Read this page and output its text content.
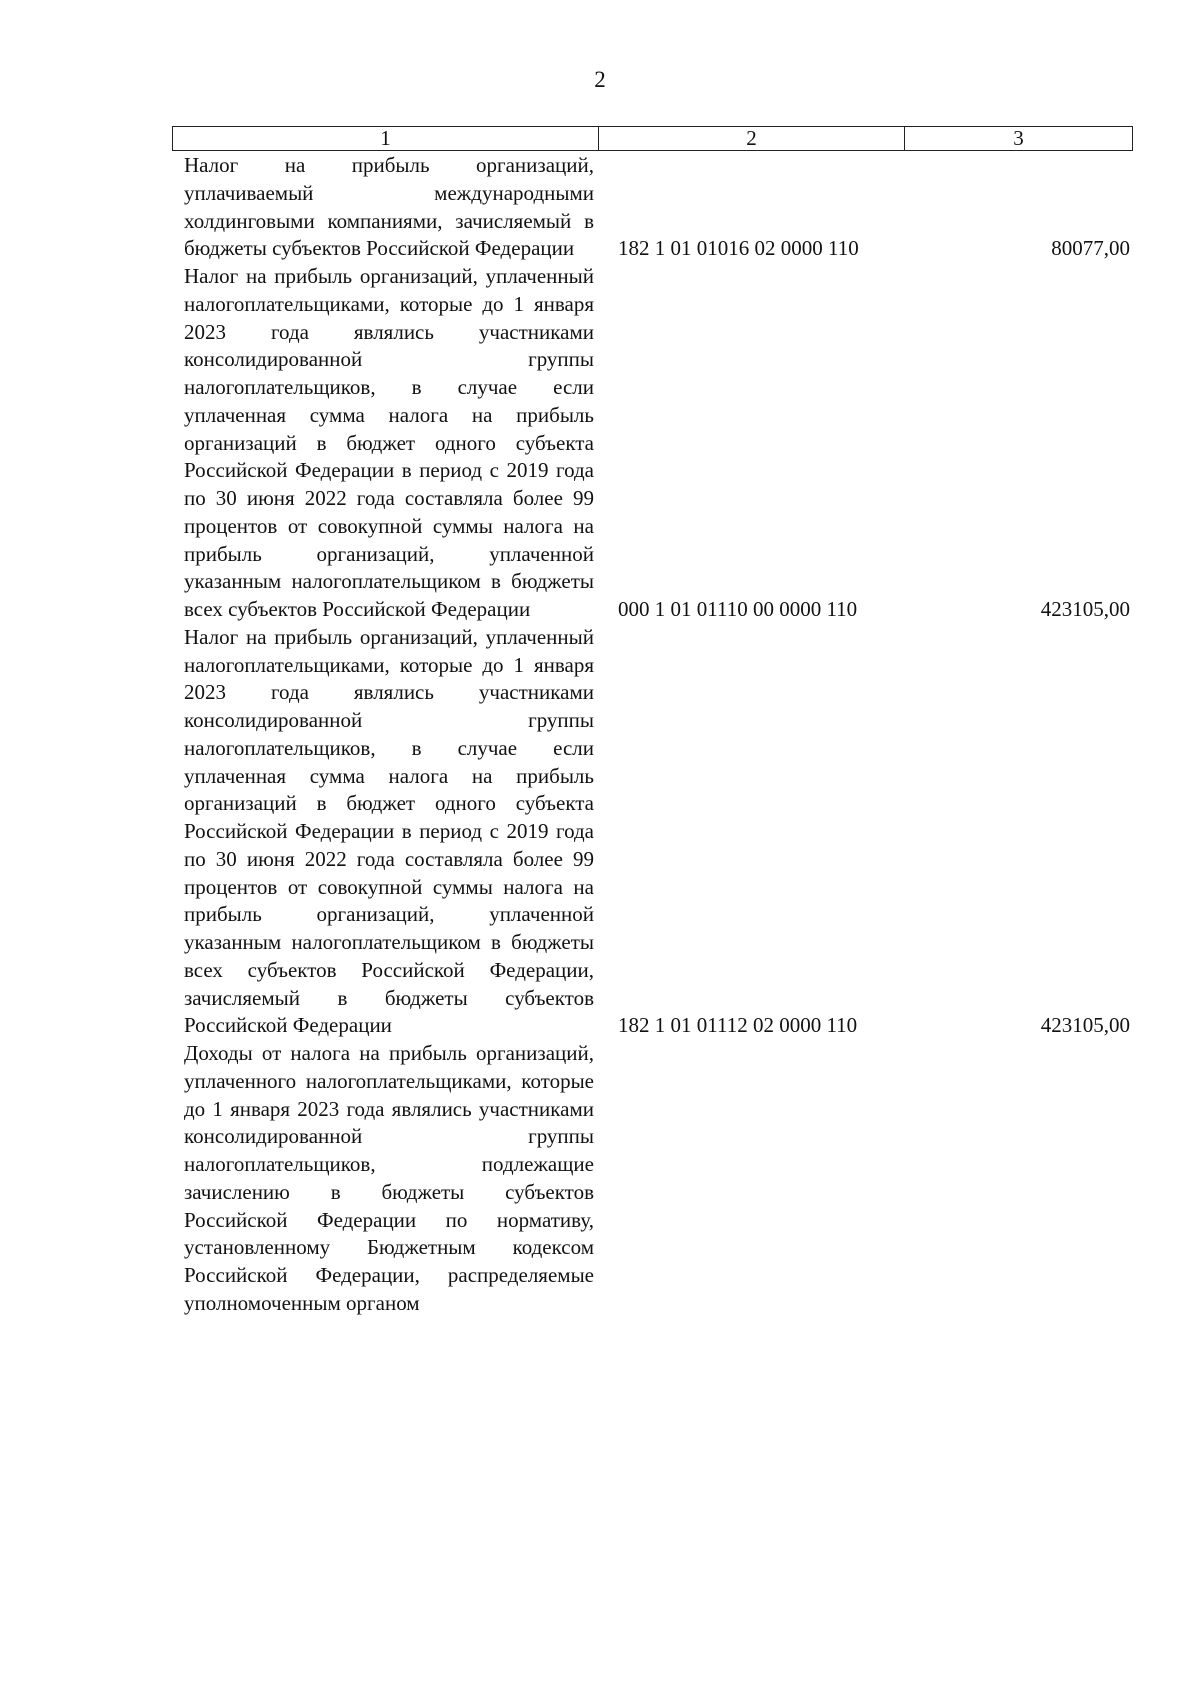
2
1	2	3
Налог на прибыль организаций, уплачиваемый международными холдинговыми компаниями, зачисляемый в бюджеты субъектов Российской Федерации	182 1 01 01016 02 0000 110	80077,00
Налог на прибыль организаций, уплаченный налогоплательщиками, которые до 1 января 2023 года являлись участниками консолидированной группы налогоплательщиков, в случае если уплаченная сумма налога на прибыль организаций в бюджет одного субъекта Российской Федерации в период с 2019 года по 30 июня 2022 года составляла более 99 процентов от совокупной суммы налога на прибыль организаций, уплаченной указанным налогоплательщиком в бюджеты всех субъектов Российской Федерации	000 1 01 01110 00 0000 110	423105,00
Налог на прибыль организаций, уплаченный налогоплательщиками, которые до 1 января 2023 года являлись участниками консолидированной группы налогоплательщиков, в случае если уплаченная сумма налога на прибыль организаций в бюджет одного субъекта Российской Федерации в период с 2019 года по 30 июня 2022 года составляла более 99 процентов от совокупной суммы налога на прибыль организаций, уплаченной указанным налогоплательщиком в бюджеты всех субъектов Российской Федерации, зачисляемый в бюджеты субъектов Российской Федерации	182 1 01 01112 02 0000 110	423105,00
Доходы от налога на прибыль организаций, уплаченного налогоплательщиками, которые до 1 января 2023 года являлись участниками консолидированной группы налогоплательщиков, подлежащие зачислению в бюджеты субъектов Российской Федерации по нормативу, установленному Бюджетным кодексом Российской Федерации, распределяемые уполномоченным органом
